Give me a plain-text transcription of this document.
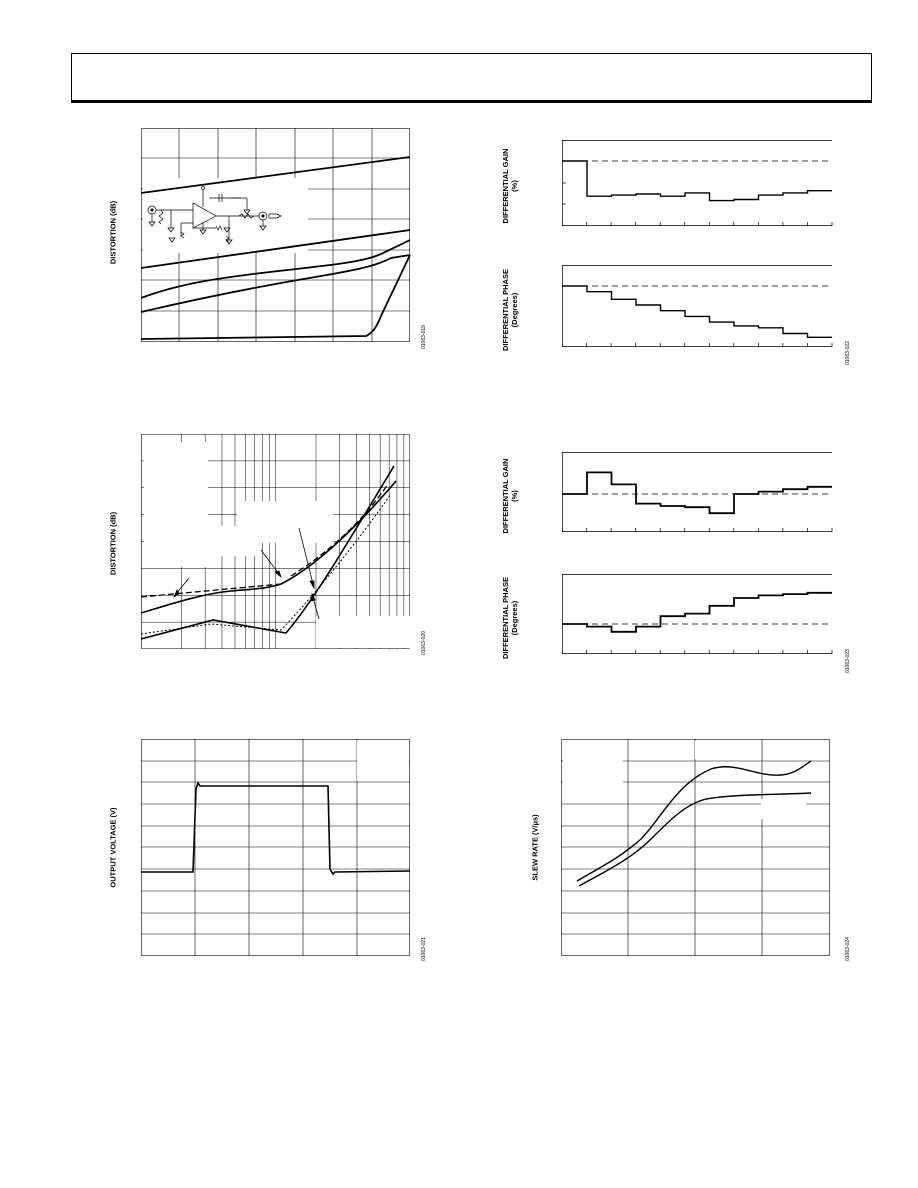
DISTORTION (dB)
01063-019
DIFFERENTIAL GAIN (%)
DIFFERENTIAL PHASE (Degrees)
01063-022
DISTORTION (dB)
01063-020
DIFFERENTIAL GAIN (%)
DIFFERENTIAL PHASE (Degrees)
01063-023
OUTPUT VOLTAGE (V)
01063-021
SLEW RATE (V/µs)
01063-024
